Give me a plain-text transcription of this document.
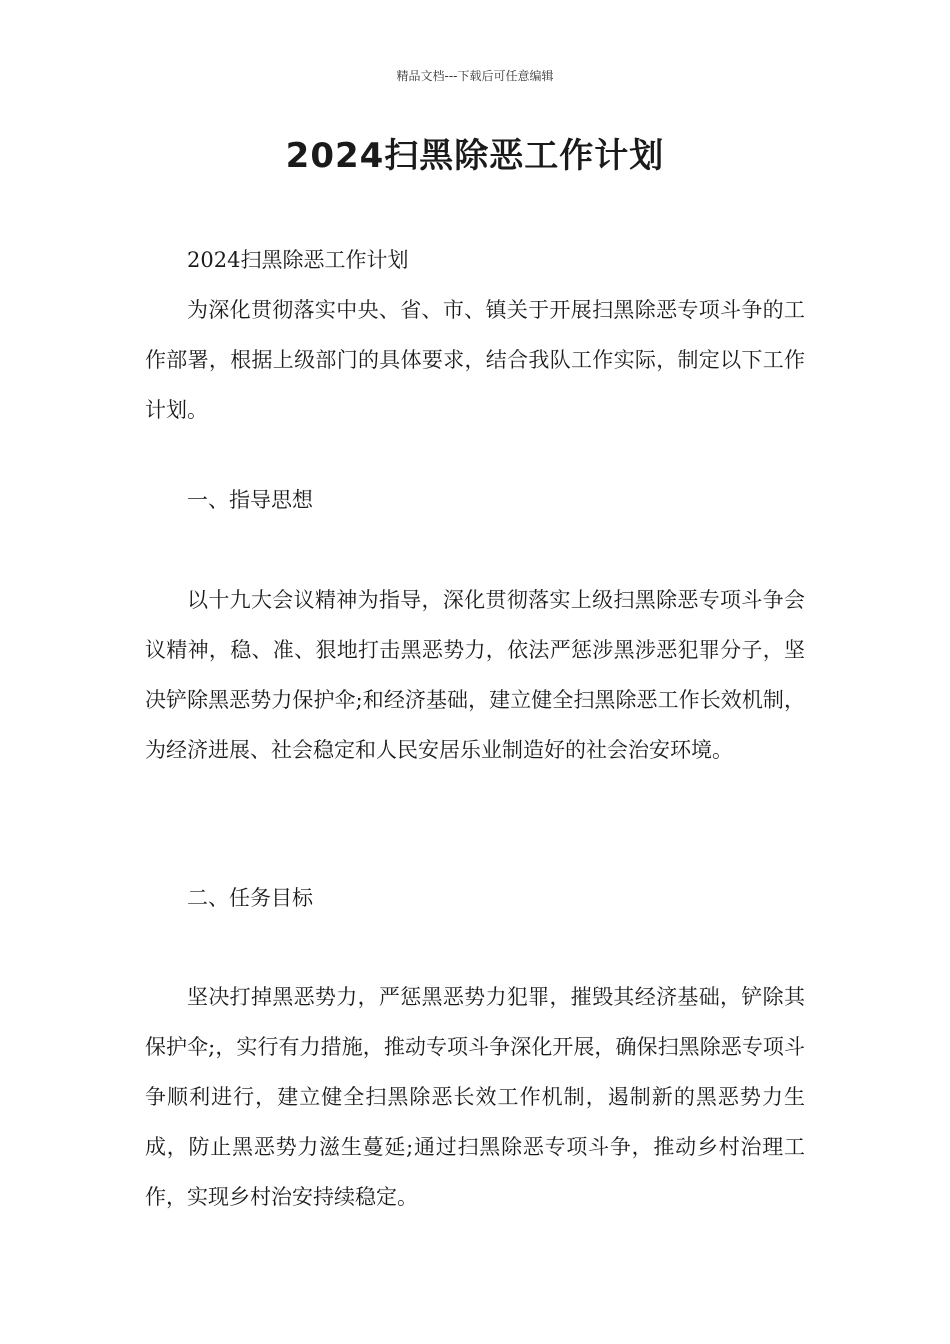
精品文档---下载后可任意编辑
2024扫黑除恶工作计划

2024扫黑除恶工作计划

为深化贯彻落实中央、省、市、镇关于开展扫黑除恶专项斗争的工作部署，根据上级部门的具体要求，结合我队工作实际，制定以下工作计划。

一、指导思想

以十九大会议精神为指导，深化贯彻落实上级扫黑除恶专项斗争会议精神，稳、准、狠地打击黑恶势力，依法严惩涉黑涉恶犯罪分子，坚决铲除黑恶势力保护伞;和经济基础，建立健全扫黑除恶工作长效机制，为经济进展、社会稳定和人民安居乐业制造好的社会治安环境。

二、任务目标

坚决打掉黑恶势力，严惩黑恶势力犯罪，摧毁其经济基础，铲除其保护伞;，实行有力措施，推动专项斗争深化开展，确保扫黑除恶专项斗争顺利进行，建立健全扫黑除恶长效工作机制，遏制新的黑恶势力生成，防止黑恶势力滋生蔓延;通过扫黑除恶专项斗争，推动乡村治理工作，实现乡村治安持续稳定。
